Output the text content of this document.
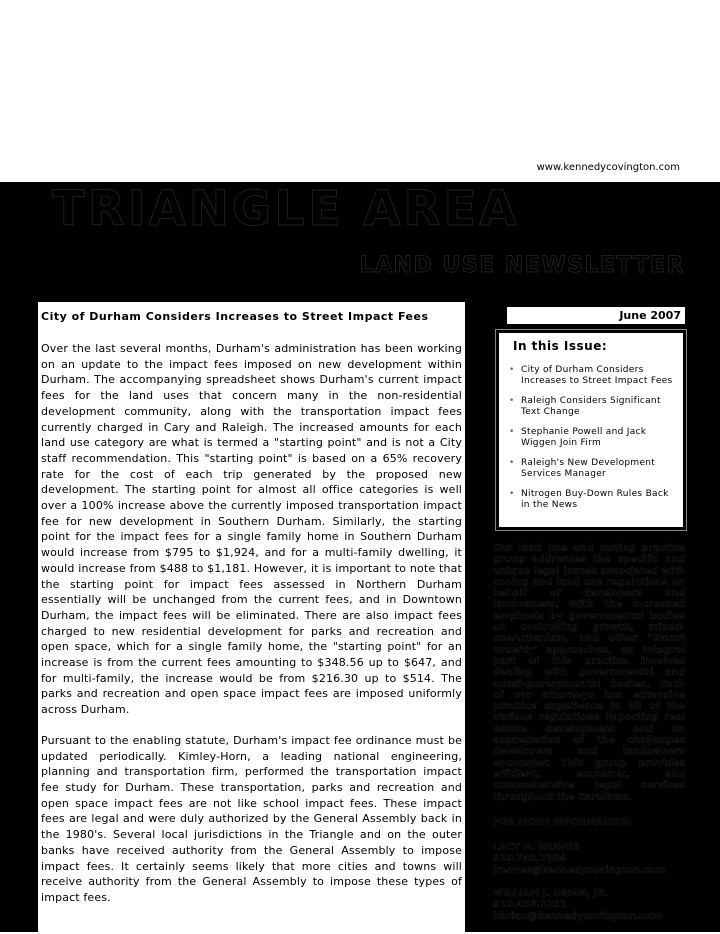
www.kennedycovington.com
TRIANGLE AREA
LAND USE NEWSLETTER
City of Durham Considers Increases to Street Impact Fees

Over the last several months, Durham's administration has been working on an update to the impact fees imposed on new development within Durham. The accompanying spreadsheet shows Durham's current impact fees for the land uses that concern many in the non-residential development community, along with the transportation impact fees currently charged in Cary and Raleigh. The increased amounts for each land use category are what is termed a "starting point" and is not a City staff recommendation. This "starting point" is based on a 65% recovery rate for the cost of each trip generated by the proposed new development. The starting point for almost all office categories is well over a 100% increase above the currently imposed transportation impact fee for new development in Southern Durham. Similarly, the starting point for the impact fees for a single family home in Southern Durham would increase from $795 to $1,924, and for a multi-family dwelling, it would increase from $488 to $1,181. However, it is important to note that the starting point for impact fees assessed in Northern Durham essentially will be unchanged from the current fees, and in Downtown Durham, the impact fees will be eliminated. There are also impact fees charged to new residential development for parks and recreation and open space, which for a single family home, the "starting point" for an increase is from the current fees amounting to $348.56 up to $647, and for multi-family, the increase would be from $216.30 up to $514. The parks and recreation and open space impact fees are imposed uniformly across Durham.

Pursuant to the enabling statute, Durham's impact fee ordinance must be updated periodically. Kimley-Horn, a leading national engineering, planning and transportation firm, performed the transportation impact fee study for Durham. These transportation, parks and recreation and open space impact fees are not like school impact fees. These impact fees are legal and were duly authorized by the General Assembly back in the 1980's. Several local jurisdictions in the Triangle and on the outer banks have received authority from the General Assembly to impose impact fees. It certainly seems likely that more cities and towns will receive authority from the General Assembly to impose these types of impact fees.

June 2007
In this Issue:
• City of Durham Considers Increases to Street Impact Fees
• Raleigh Considers Significant Text Change
• Stephanie Powell and Jack Wiggen Join Firm
• Raleigh's New Development Services Manager
• Nitrogen Buy-Down Rules Back in the News

Our land use and zoning practice group addresses the specific and unique legal issues associated with zoning and land use regulations on behalf of developers and landowners. With the increased emphasis by governmental bodies on controlling growth, mixed-use/urbanism, and other "Smart Growth" approaches, an integral part of this practice involves dealing with governmental and quasi-governmental bodies. Each of our attorneys has extensive practice experience in all of the various regulations impacting real estate development and an appreciation of the challenges developers and landowners encounter. This group provides efficient, economic, and comprehensive legal services throughout the Carolinas.

FOR MORE INFORMATION:

LACY H. REAVES
919.743.7304
lreaves@kennedycovington.com
WILLIAM J. BRIAN, JR.
919.456.1261
bbrian@kennedycovington.com
